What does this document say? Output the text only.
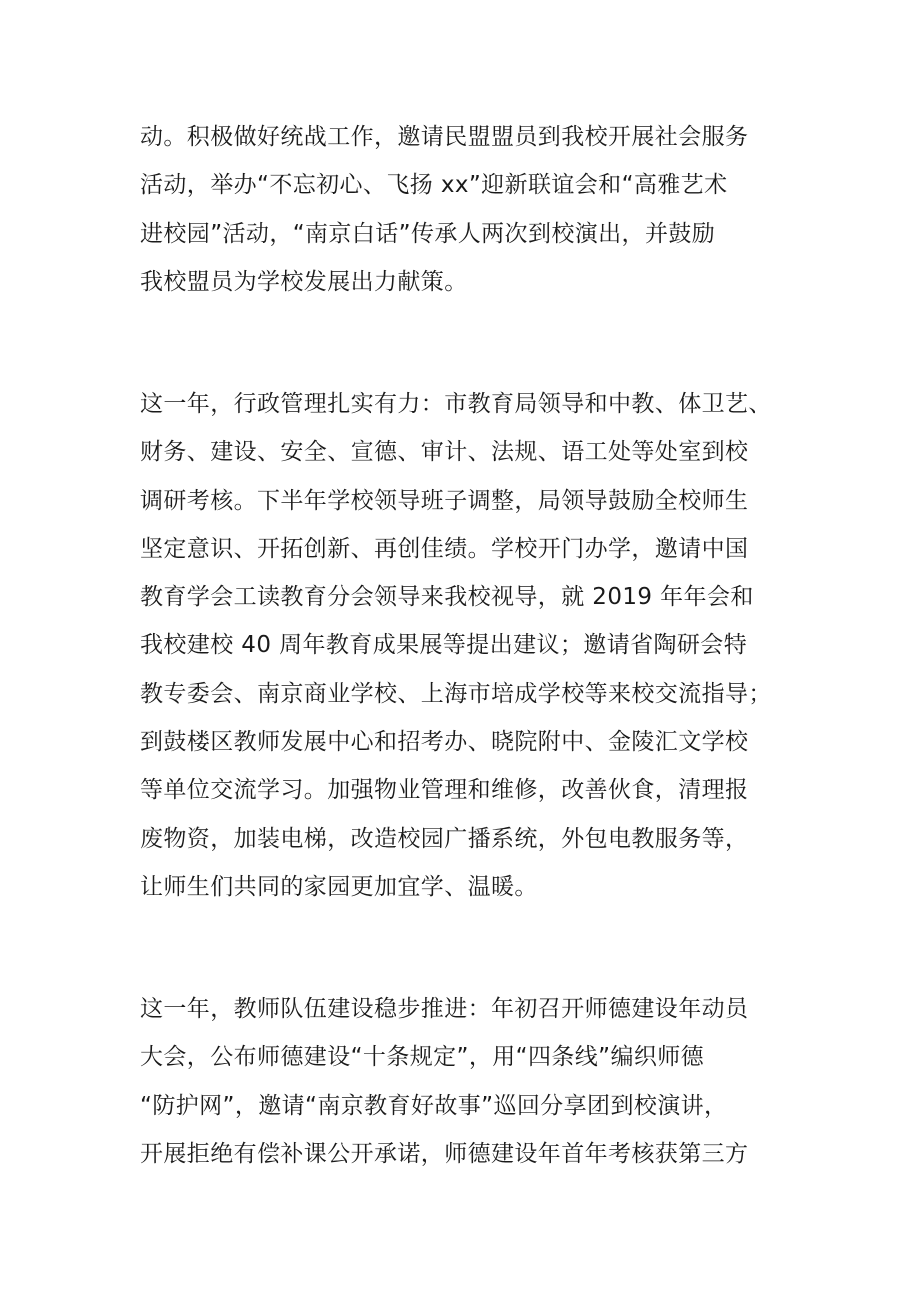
动。积极做好统战工作，邀请民盟盟员到我校开展社会服务
活动，举办“不忘初心、飞扬 xx”迎新联谊会和“高雅艺术
进校园”活动，“南京白话”传承人两次到校演出，并鼓励
我校盟员为学校发展出力献策。
这一年，行政管理扎实有力：市教育局领导和中教、体卫艺、
财务、建设、安全、宣德、审计、法规、语工处等处室到校
调研考核。下半年学校领导班子调整，局领导鼓励全校师生
坚定意识、开拓创新、再创佳绩。学校开门办学，邀请中国
教育学会工读教育分会领导来我校视导，就 2019 年年会和
我校建校 40 周年教育成果展等提出建议；邀请省陶研会特
教专委会、南京商业学校、上海市培成学校等来校交流指导；
到鼓楼区教师发展中心和招考办、晓院附中、金陵汇文学校
等单位交流学习。加强物业管理和维修，改善伙食，清理报
废物资，加装电梯，改造校园广播系统，外包电教服务等，
让师生们共同的家园更加宜学、温暖。
这一年，教师队伍建设稳步推进：年初召开师德建设年动员
大会，公布师德建设“十条规定”，用“四条线”编织师德
“防护网”，邀请“南京教育好故事”巡回分享团到校演讲，
开展拒绝有偿补课公开承诺，师德建设年首年考核获第三方
